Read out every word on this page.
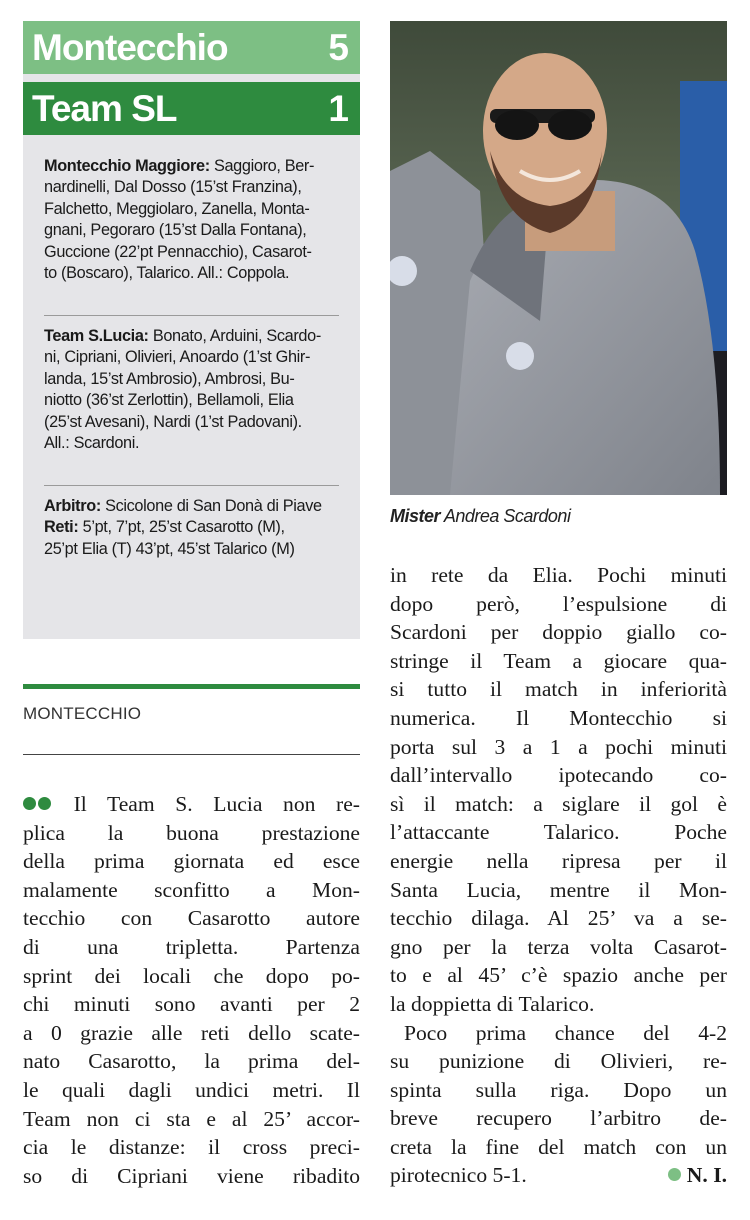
Montecchio	5
Team SL	1
Montecchio Maggiore: Saggioro, Ber-
nardinelli, Dal Dosso (15’st Franzina),
Falchetto, Meggiolaro, Zanella, Monta-
gnani, Pegoraro (15’st Dalla Fontana),
Guccione (22’pt Pennacchio), Casarot-
to (Boscaro), Talarico. All.: Coppola.
Team S.Lucia: Bonato, Arduini, Scardo-
ni, Cipriani, Olivieri, Anoardo (1’st Ghir-
landa, 15’st Ambrosio), Ambrosi, Bu-
niotto (36’st Zerlottin), Bellamoli, Elia
(25’st Avesani), Nardi (1’st Padovani).
All.: Scardoni.
Arbitro: Scicolone di San Donà di Piave
Reti: 5’pt, 7’pt, 25’st Casarotto (M),
25’pt Elia (T) 43’pt, 45’st Talarico (M)
Mister Andrea Scardoni
MONTECCHIO
Il Team S. Lucia non re-
plica la buona prestazione
della prima giornata ed esce
malamente sconfitto a Mon-
tecchio con Casarotto autore
di una tripletta. Partenza
sprint dei locali che dopo po-
chi minuti sono avanti per 2
a 0 grazie alle reti dello scate-
nato Casarotto, la prima del-
le quali dagli undici metri. Il
Team non ci sta e al 25’ accor-
cia le distanze: il cross preci-
so di Cipriani viene ribadito
in rete da Elia. Pochi minuti
dopo però, l’espulsione di
Scardoni per doppio giallo co-
stringe il Team a giocare qua-
si tutto il match in inferiorità
numerica. Il Montecchio si
porta sul 3 a 1 a pochi minuti
dall’intervallo ipotecando co-
sì il match: a siglare il gol è
l’attaccante Talarico. Poche
energie nella ripresa per il
Santa Lucia, mentre il Mon-
tecchio dilaga. Al 25’ va a se-
gno per la terza volta Casarot-
to e al 45’ c’è spazio anche per
la doppietta di Talarico.
Poco prima chance del 4-2
su punizione di Olivieri, re-
spinta sulla riga. Dopo un
breve recupero l’arbitro de-
creta la fine del match con un
pirotecnico 5-1.	N. I.
